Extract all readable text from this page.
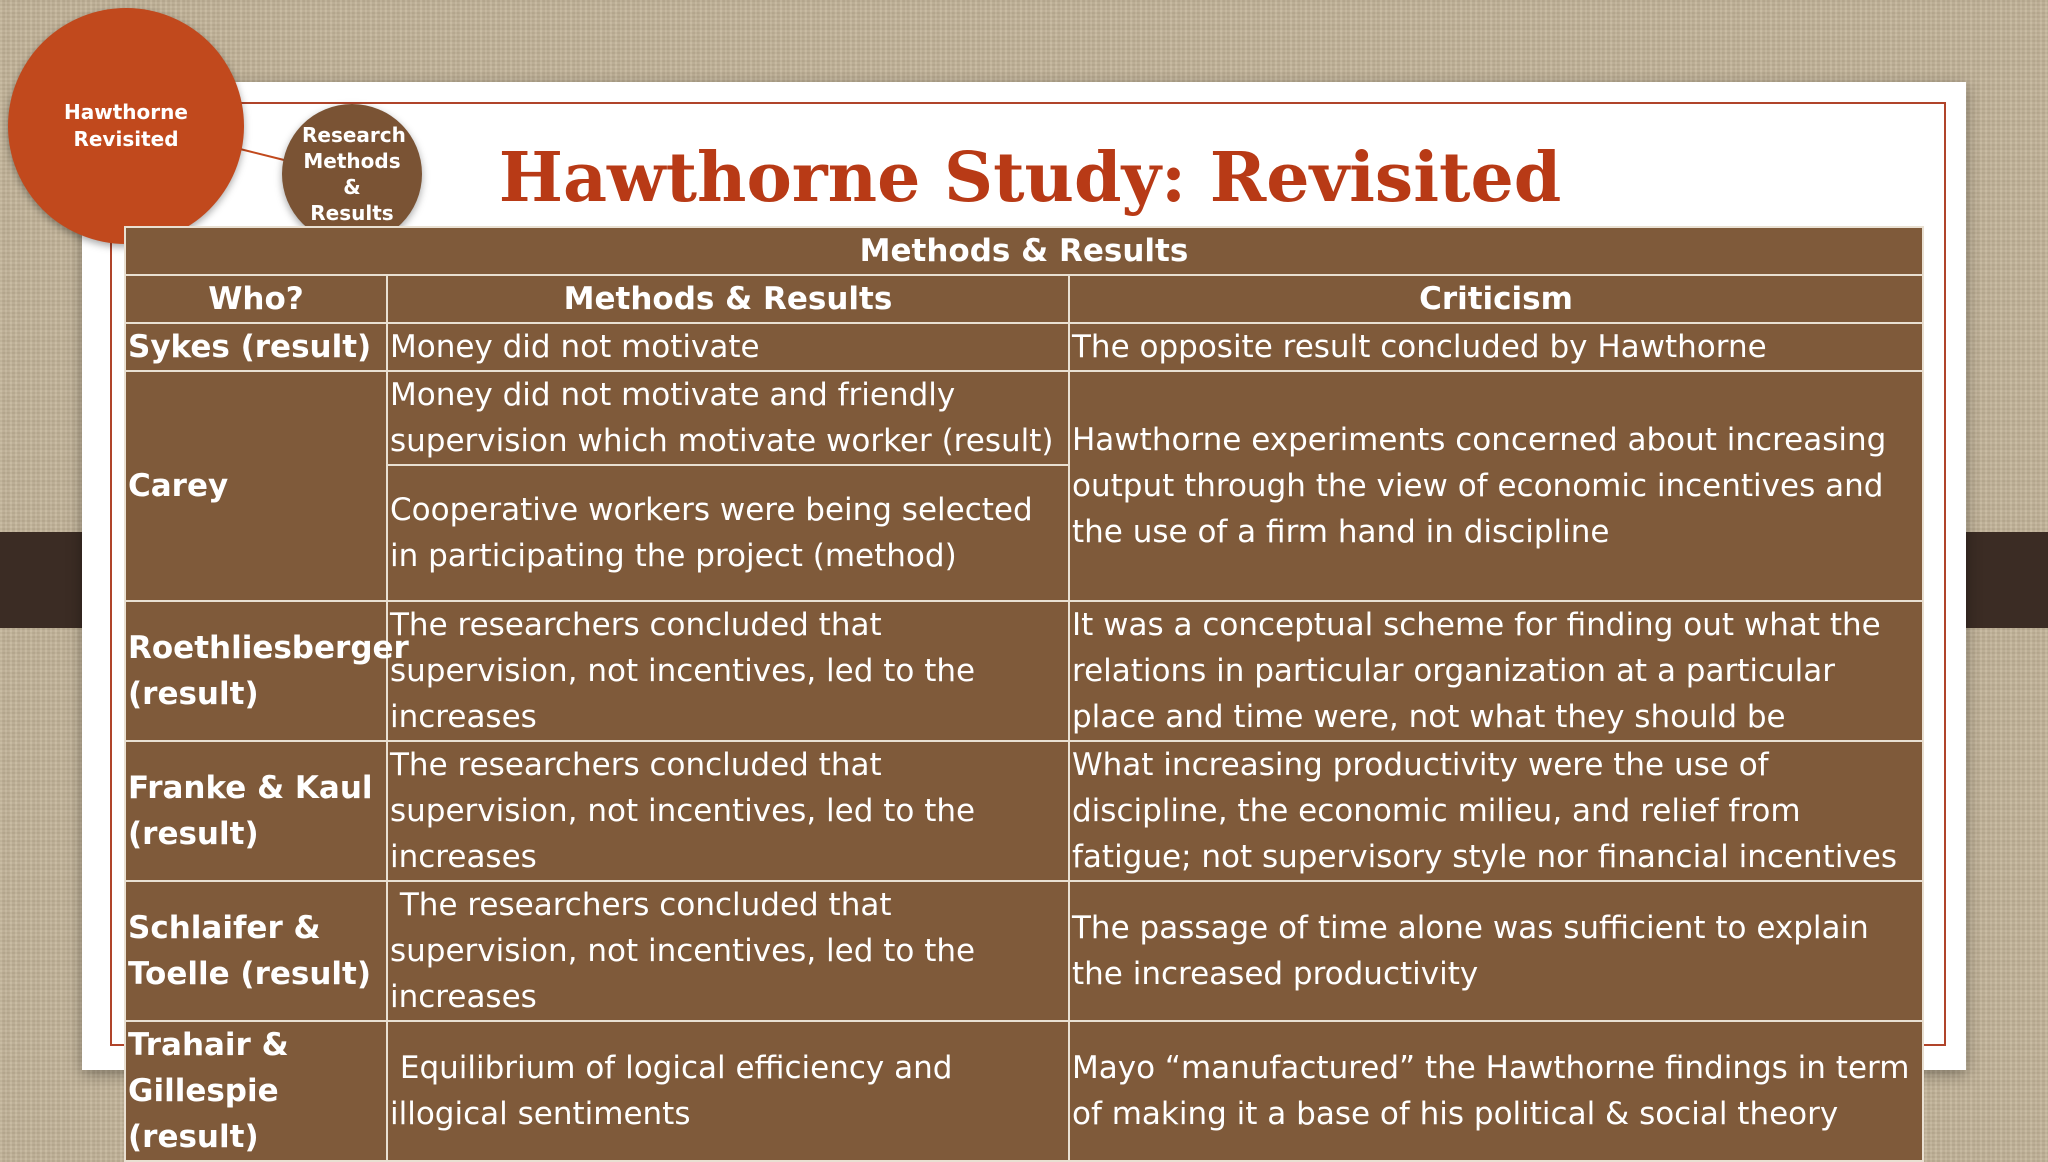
Hawthorne Revisited	Research Methods & Results	Hawthorne Study: Revisited
Methods & Results		
Who?	Methods & Results	Criticism
Sykes (result)	Money did not motivate	The opposite result concluded by Hawthorne
Carey	Money did not motivate and friendly supervision which motivate worker (result)	Hawthorne experiments concerned about increasing output through the view of economic incentives and the use of a firm hand in discipline
	Cooperative workers were being selected in participating the project (method)	
Roethliesberger (result)	The researchers concluded that supervision, not incentives, led to the increases	It was a conceptual scheme for finding out what the relations in particular organization at a particular place and time were, not what they should be
Franke & Kaul (result)	The researchers concluded that supervision, not incentives, led to the increases	What increasing productivity were the use of discipline, the economic milieu, and relief from fatigue; not supervisory style nor financial incentives
Schlaifer & Toelle (result)	The researchers concluded that supervision, not incentives, led to the increases	The passage of time alone was sufficient to explain the increased productivity
Trahair & Gillespie (result)	Equilibrium of logical efficiency and illogical sentiments	Mayo “manufactured” the Hawthorne findings in term of making it a base of his political & social theory
